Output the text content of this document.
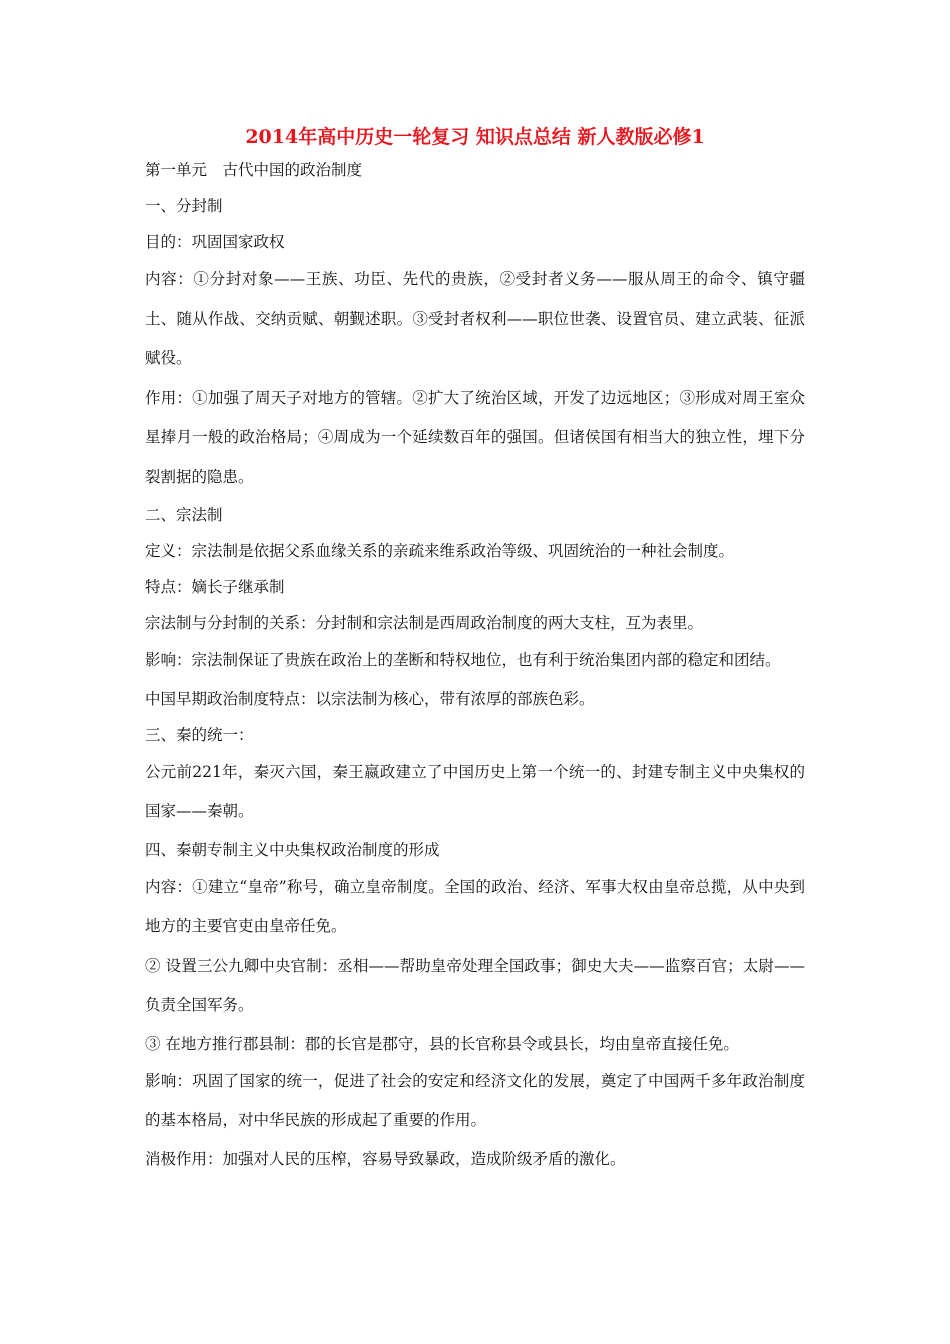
2014年高中历史一轮复习 知识点总结 新人教版必修1

第一单元　古代中国的政治制度

一、分封制

目的：巩固国家政权

内容：①分封对象——王族、功臣、先代的贵族，②受封者义务——服从周王的命令、镇守疆土、随从作战、交纳贡赋、朝觐述职。③受封者权利——职位世袭、设置官员、建立武装、征派赋役。

作用：①加强了周天子对地方的管辖。②扩大了统治区域，开发了边远地区；③形成对周王室众星捧月一般的政治格局；④周成为一个延续数百年的强国。但诸侯国有相当大的独立性，埋下分裂割据的隐患。

二、宗法制

定义：宗法制是依据父系血缘关系的亲疏来维系政治等级、巩固统治的一种社会制度。

特点：嫡长子继承制

宗法制与分封制的关系：分封制和宗法制是西周政治制度的两大支柱，互为表里。

影响：宗法制保证了贵族在政治上的垄断和特权地位，也有利于统治集团内部的稳定和团结。

中国早期政治制度特点：以宗法制为核心，带有浓厚的部族色彩。

三、秦的统一：

公元前221年，秦灭六国，秦王嬴政建立了中国历史上第一个统一的、封建专制主义中央集权的国家——秦朝。

四、秦朝专制主义中央集权政治制度的形成

内容：①建立“皇帝”称号，确立皇帝制度。全国的政治、经济、军事大权由皇帝总揽，从中央到地方的主要官吏由皇帝任免。

② 设置三公九卿中央官制：丞相——帮助皇帝处理全国政事；御史大夫——监察百官；太尉——负责全国军务。

③ 在地方推行郡县制：郡的长官是郡守，县的长官称县令或县长，均由皇帝直接任免。

影响：巩固了国家的统一，促进了社会的安定和经济文化的发展，奠定了中国两千多年政治制度的基本格局，对中华民族的形成起了重要的作用。

消极作用：加强对人民的压榨，容易导致暴政，造成阶级矛盾的激化。
